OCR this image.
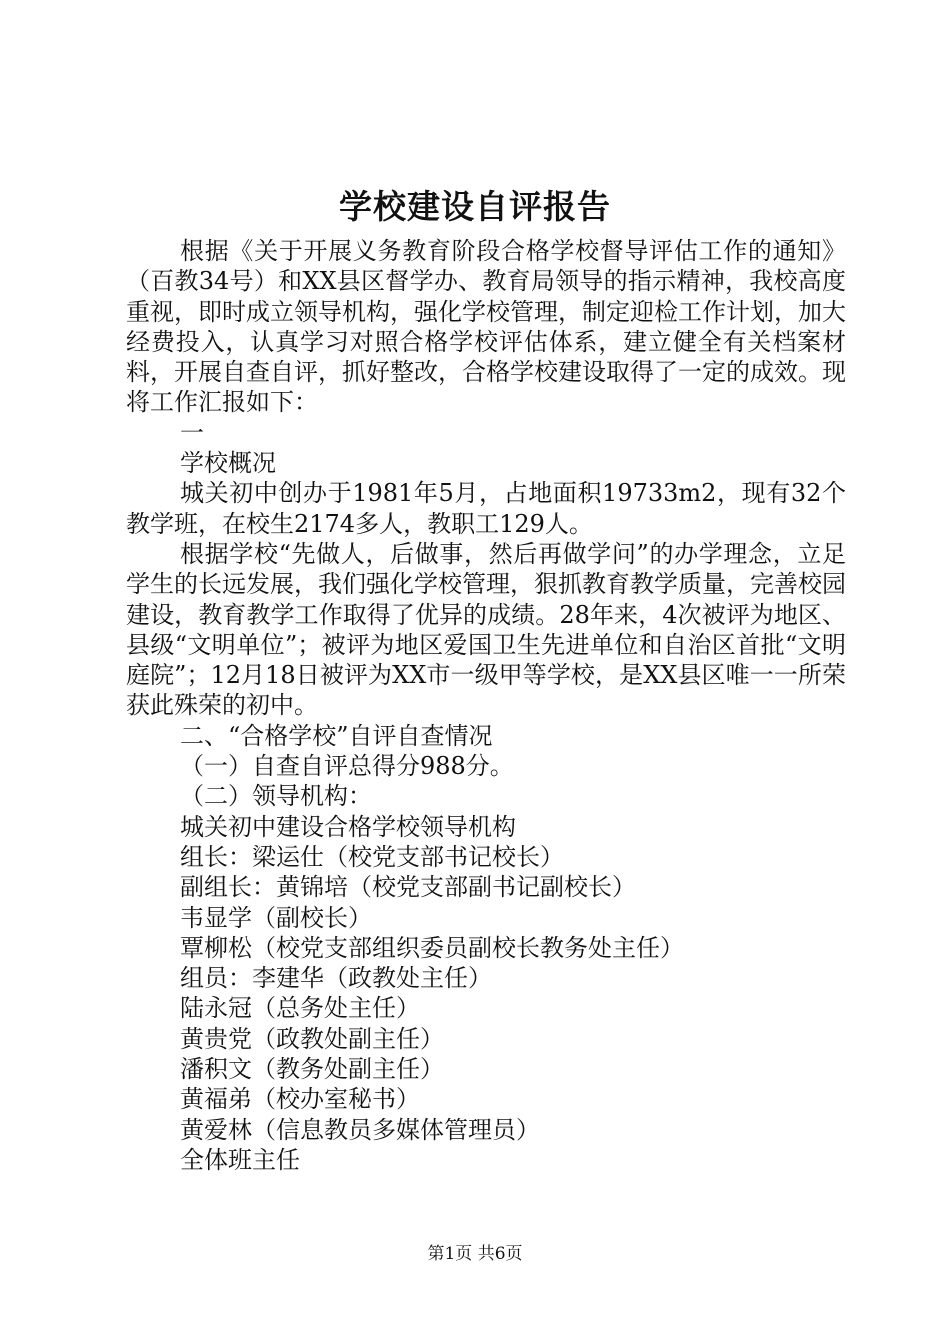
学校建设自评报告

根据《关于开展义务教育阶段合格学校督导评估工作的通知》（百教34号）和XX县区督学办、教育局领导的指示精神，我校高度重视，即时成立领导机构，强化学校管理，制定迎检工作计划，加大经费投入，认真学习对照合格学校评估体系，建立健全有关档案材料，开展自查自评，抓好整改，合格学校建设取得了一定的成效。现将工作汇报如下：

一

学校概况

城关初中创办于1981年5月，占地面积19733m2，现有32个教学班，在校生2174多人，教职工129人。

根据学校“先做人，后做事，然后再做学问”的办学理念，立足学生的长远发展，我们强化学校管理，狠抓教育教学质量，完善校园建设，教育教学工作取得了优异的成绩。28年来，4次被评为地区、县级“文明单位”；被评为地区爱国卫生先进单位和自治区首批“文明庭院”；12月18日被评为XX市一级甲等学校，是XX县区唯一一所荣获此殊荣的初中。

二、“合格学校”自评自查情况

（一）自查自评总得分988分。

（二）领导机构：

城关初中建设合格学校领导机构

组长：梁运仕（校党支部书记校长）

副组长：黄锦培（校党支部副书记副校长）

韦显学（副校长）

覃柳松（校党支部组织委员副校长教务处主任）

组员：李建华（政教处主任）

陆永冠（总务处主任）

黄贵党（政教处副主任）

潘积文（教务处副主任）

黄福弟（校办室秘书）

黄爱林（信息教员多媒体管理员）

全体班主任

第1页 共6页
